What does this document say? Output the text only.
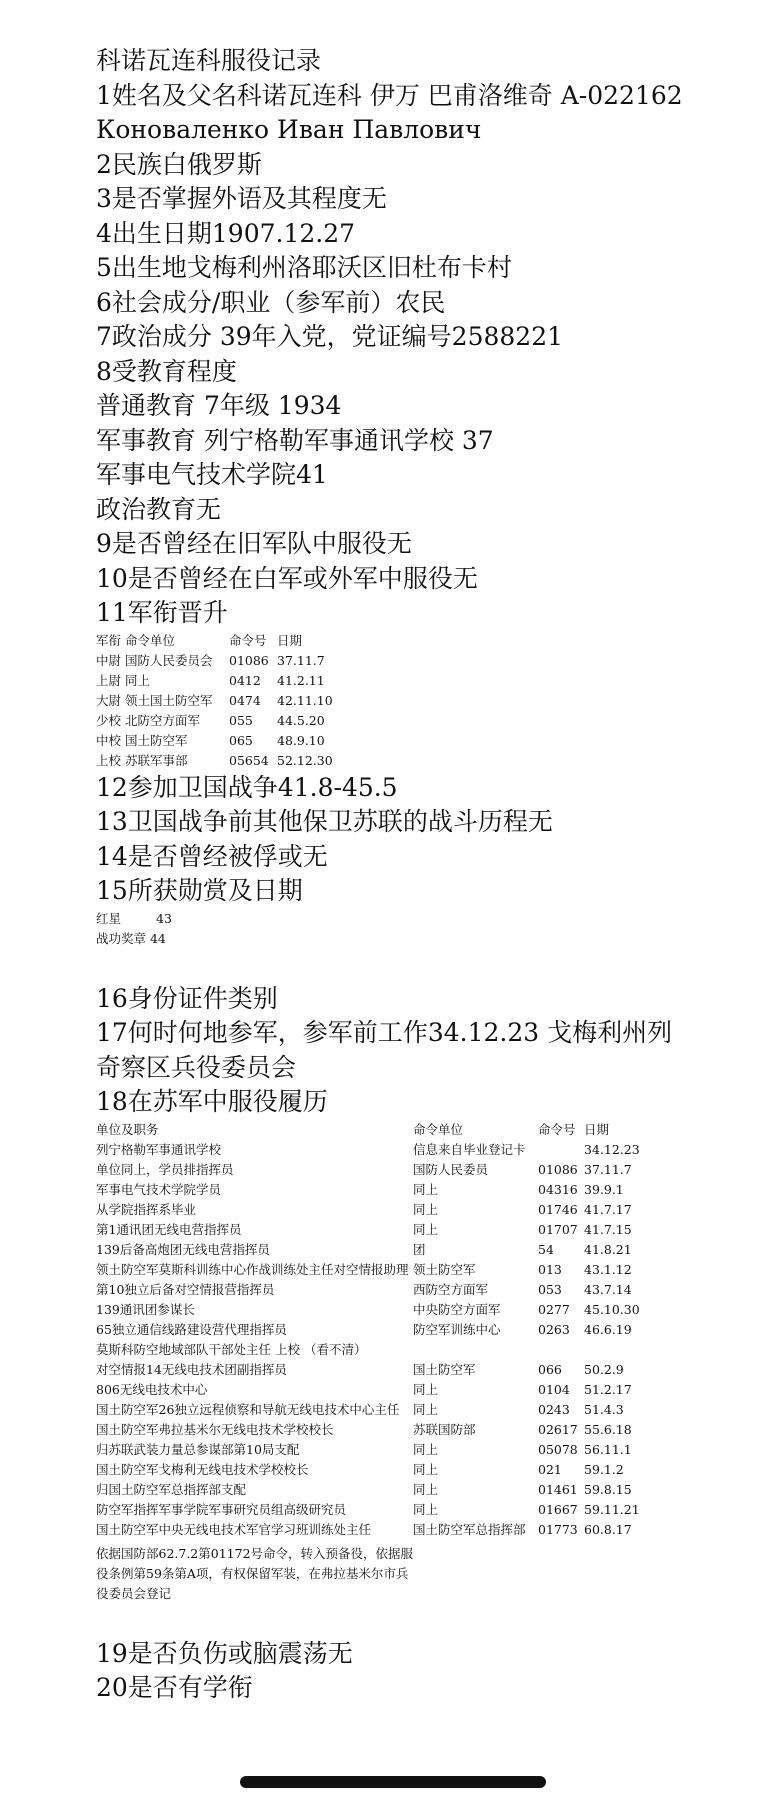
科诺瓦连科服役记录
1姓名及父名科诺瓦连科 伊万 巴甫洛维奇 A-022162
Коноваленко Иван Павлович
2民族白俄罗斯
3是否掌握外语及其程度无
4出生日期1907.12.27
5出生地戈梅利州洛耶沃区旧杜布卡村
6社会成分/职业（参军前）农民
7政治成分 39年入党，党证编号2588221
8受教育程度
普通教育 7年级 1934
军事教育 列宁格勒军事通讯学校 37
军事电气技术学院41
政治教育无
9是否曾经在旧军队中服役无
10是否曾经在白军或外军中服役无
11军衔晋升
军衔 命令单位	命令号	日期
中尉 国防人民委员会	01086	37.11.7
上尉 同上	0412	41.2.11
大尉 领土国土防空军	0474	42.11.10
少校 北防空方面军	055	44.5.20
中校 国土防空军	065	48.9.10
上校 苏联军事部	05654	52.12.30
12参加卫国战争41.8-45.5
13卫国战争前其他保卫苏联的战斗历程无
14是否曾经被俘或无
15所获勋赏及日期
红星	43
战功奖章 44
16身份证件类别
17何时何地参军，参军前工作34.12.23 戈梅利州列奇察区兵役委员会
18在苏军中服役履历
单位及职务	命令单位	命令号	日期
列宁格勒军事通讯学校	信息来自毕业登记卡		34.12.23
单位同上，学员排指挥员	国防人民委员	01086	37.11.7
军事电气技术学院学员	同上	04316	39.9.1
从学院指挥系毕业	同上	01746	41.7.17
第1通讯团无线电营指挥员	同上	01707	41.7.15
139后备高炮团无线电营指挥员	团	54	41.8.21
领土防空军莫斯科训练中心作战训练处主任对空情报助理	领土防空军	013	43.1.12
第10独立后备对空情报营指挥员	西防空方面军	053	43.7.14
139通讯团参谋长	中央防空方面军	0277	45.10.30
65独立通信线路建设营代理指挥员	防空军训练中心	0263	46.6.19
莫斯科防空地域部队干部处主任 上校 （看不清）			
对空情报14无线电技术团副指挥员	国土防空军	066	50.2.9
806无线电技术中心	同上	0104	51.2.17
国土防空军26独立远程侦察和导航无线电技术中心主任	同上	0243	51.4.3
国土防空军弗拉基米尔无线电技术学校校长	苏联国防部	02617	55.6.18
归苏联武装力量总参谋部第10局支配	同上	05078	56.11.1
国土防空军戈梅利无线电技术学校校长	同上	021	59.1.2
归国土防空军总指挥部支配	同上	01461	59.8.15
防空军指挥军事学院军事研究员组高级研究员	同上	01667	59.11.21
国土防空军中央无线电技术军官学习班训练处主任	国土防空军总指挥部	01773	60.8.17
依据国防部62.7.2第01172号命令，转入预备役，依据服役条例第59条第A项，有权保留军装，在弗拉基米尔市兵役委员会登记
19是否负伤或脑震荡无
20是否有学衔
